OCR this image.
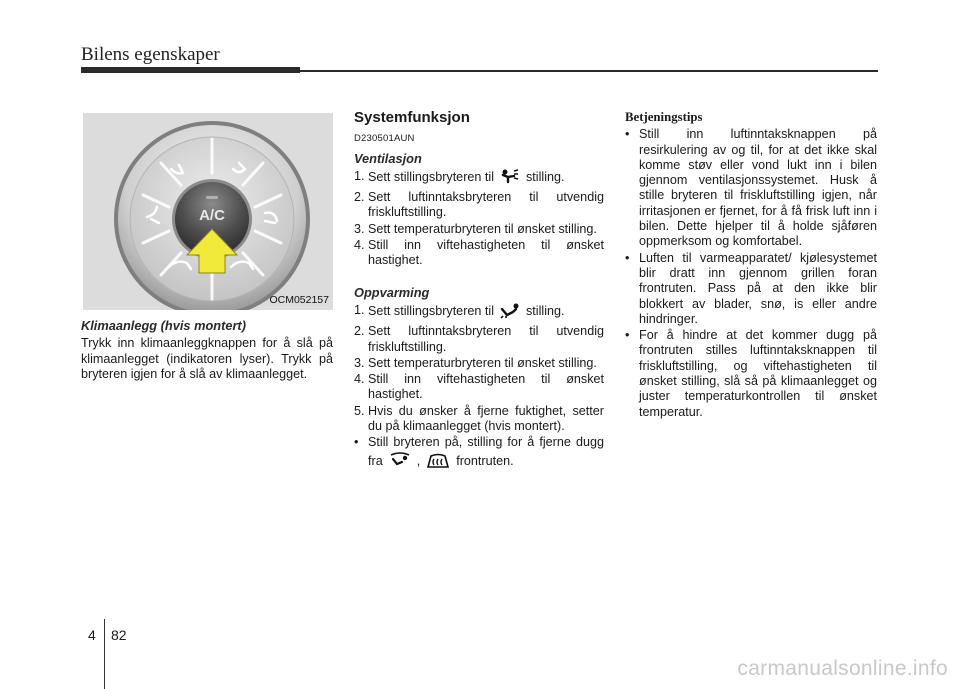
Bilens egenskaper
A/C
OCM052157

Klimaanlegg (hvis montert)

Trykk inn klimaanleggknappen for å slå på klimaanlegget (indikatoren lyser). Trykk på bryteren igjen for å slå av klimaanlegget.

Systemfunksjon

D230501AUN

Ventilasjon

1. Sett stillingsbryteren til	stilling.
2. Sett luftinntaksbryteren til utvendig friskluftstilling.
3. Sett temperaturbryteren til ønsket stilling.
4. Still inn viftehastigheten til ønsket hastighet.

Oppvarming

1. Sett stillingsbryteren til	stilling.
2. Sett luftinntaksbryteren til utvendig friskluftstilling.
3. Sett temperaturbryteren til ønsket stilling.
4. Still inn viftehastigheten til ønsket hastighet.
5. Hvis du ønsker å fjerne fuktighet, setter du på klimaanlegget (hvis montert).
• Still bryteren på, stilling for å fjerne dugg fra	,	frontruten.

Betjeningstips

• Still inn luftinntaksknappen på resirkulering av og til, for at det ikke skal komme støv eller vond lukt inn i bilen gjennom ventilasjonssystemet. Husk å stille bryteren til friskluftstilling igjen, når irritasjonen er fjernet, for å få frisk luft inn i bilen. Dette hjelper til å holde sjåføren oppmerksom og komfortabel.
• Luften til varmeapparatet/ kjølesystemet blir dratt inn gjennom grillen foran frontruten. Pass på at den ikke blir blokkert av blader, snø, is eller andre hindringer.
• For å hindre at det kommer dugg på frontruten stilles luftinntaksknappen til friskluftstilling, og viftehastigheten til ønsket stilling, slå så på klimaanlegget og juster temperaturkontrollen til ønsket temperatur.
4 82
carmanualsonline.info
